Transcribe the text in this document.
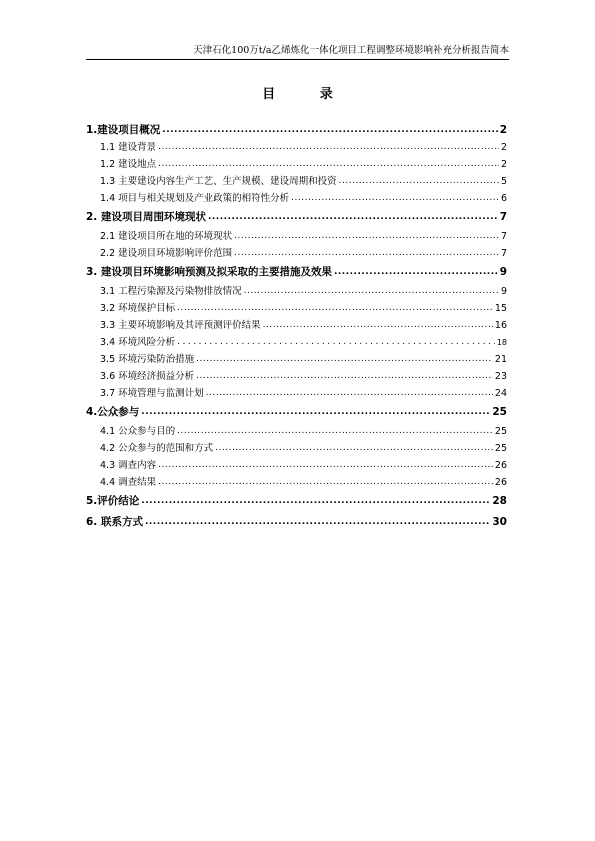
天津石化100万t/a乙烯炼化一体化项目工程调整环境影响补充分析报告简本
目 录
1.建设项目概况 .....	2
1.1 建设背景 .....	2
1.2 建设地点 .....	2
1.3 主要建设内容生产工艺、生产规模、建设周期和投资 .....	5
1.4 项目与相关规划及产业政策的相符性分析 .....	6
2. 建设项目周围环境现状 .....	7
2.1 建设项目所在地的环境现状 .....	7
2.2 建设项目环境影响评价范围 .....	7
3. 建设项目环境影响预测及拟采取的主要措施及效果 .....	9
3.1 工程污染源及污染物排放情况 .....	9
3.2 环境保护目标 .....	15
3.3 主要环境影响及其评预测评价结果 .....	16
3.4 环境风险分析 .....	18
3.5 环境污染防治措施 .....	21
3.6 环境经济损益分析 .....	23
3.7 环境管理与监测计划 .....	24
4.公众参与 .....	25
4.1 公众参与目的 .....	25
4.2 公众参与的范围和方式 .....	25
4.3 调查内容 .....	26
4.4 调查结果 .....	26
5.评价结论 .....	28
6. 联系方式 .....	30
